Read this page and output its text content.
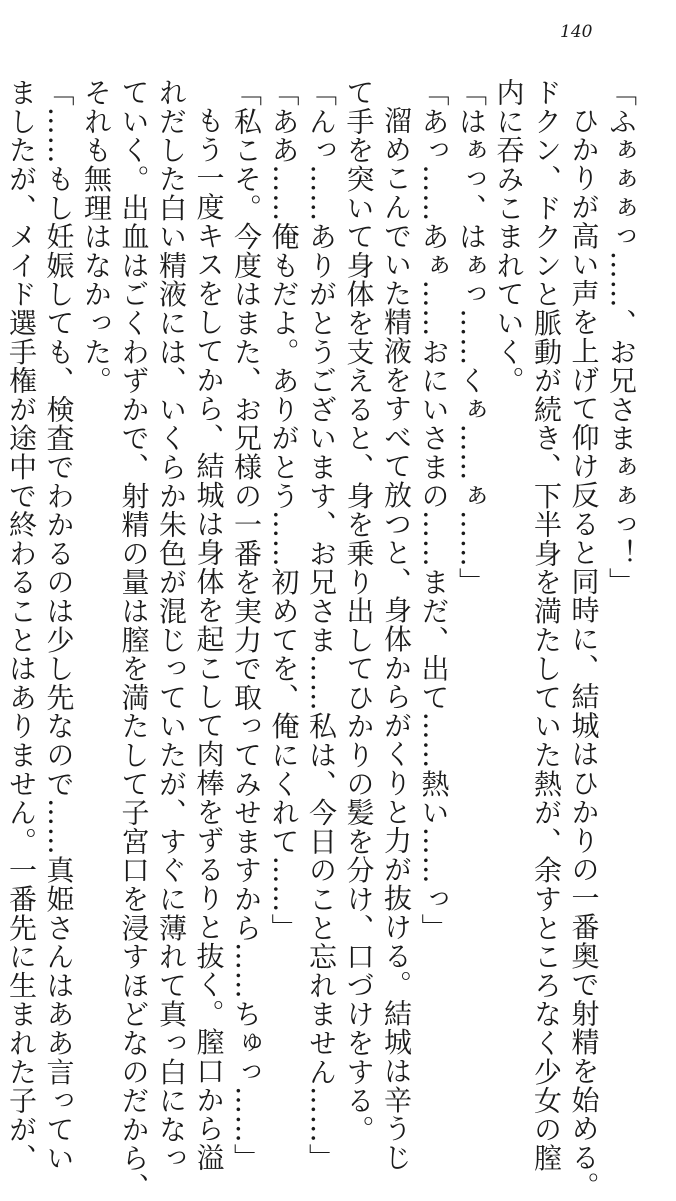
140

「ふぁぁぁっ……、お兄さまぁぁっ！」

ひかりが高い声を上げて仰け反ると同時に、結城はひかりの一番奥で射精を始める。

ドクン、ドクンと脈動が続き、下半身を満たしていた熱が、余すところなく少女の膣

内に吞みこまれていく。

「はぁっ、はぁっ……くぁ……ぁ……」

「あっ……あぁ……おにいさまの……まだ、出て……熱い……っ」

溜めこんでいた精液をすべて放つと、身体からがくりと力が抜ける。結城は辛うじ

て手を突いて身体を支えると、身を乗り出してひかりの髪を分け、口づけをする。

「んっ……ありがとうございます、お兄さま……私は、今日のこと忘れません……」

「ああ……俺もだよ。ありがとう……初めてを、俺にくれて……」

「私こそ。今度はまた、お兄様の一番を実力で取ってみせますから……ちゅっ……」

もう一度キスをしてから、結城は身体を起こして肉棒をずるりと抜く。膣口から溢

れだした白い精液には、いくらか朱色が混じっていたが、すぐに薄れて真っ白になっ

ていく。出血はごくわずかで、射精の量は膣を満たして子宮口を浸すほどなのだから、

それも無理はなかった。

「……もし妊娠しても、検査でわかるのは少し先なので……真姫さんはああ言ってい

ましたが、メイド選手権が途中で終わることはありません。一番先に生まれた子が、
